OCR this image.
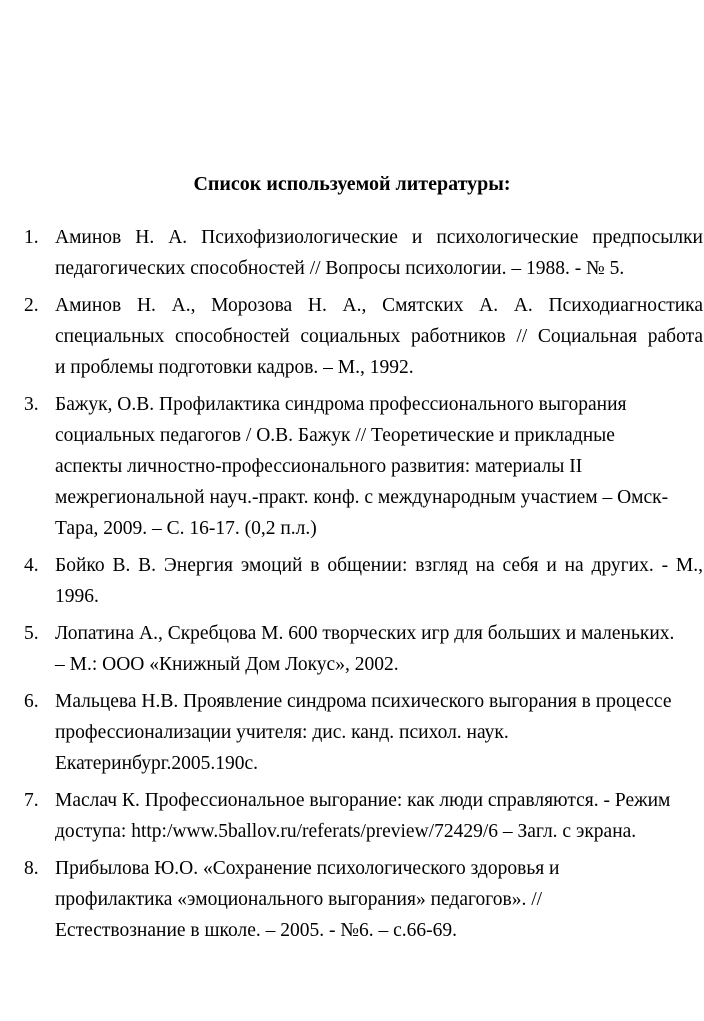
Список используемой литературы:
1. Аминов Н. А. Психофизиологические и психологические предпосылки
педагогических способностей // Вопросы психологии. – 1988. - № 5.
2. Аминов Н. А., Морозова Н. А., Смятских А. А. Психодиагностика
специальных способностей социальных работников // Социальная работа
и проблемы подготовки кадров. – М., 1992.
3. Бажук, О.В. Профилактика синдрома профессионального выгорания
социальных педагогов / О.В. Бажук // Теоретические и прикладные
аспекты личностно-профессионального развития: материалы II
межрегиональной науч.-практ. конф. с международным участием – Омск-
Тара, 2009. – С. 16-17. (0,2 п.л.)
4. Бойко В. В. Энергия эмоций в общении: взгляд на себя и на других. - М.,
1996.
5. Лопатина А., Скребцова М. 600 творческих игр для больших и маленьких.
– М.: ООО «Книжный Дом Локус», 2002.
6. Мальцева Н.В. Проявление синдрома психического выгорания в процессе
профессионализации учителя: дис. канд. психол. наук.
Екатеринбург.2005.190с.
7. Маслач К. Профессиональное выгорание: как люди справляются. - Режим
доступа: http:/www.5ballov.ru/referats/preview/72429/6 – Загл. с экрана.
8. Прибылова Ю.О. «Сохранение психологического здоровья и
профилактика «эмоционального выгорания» педагогов». //
Естествознание в школе. – 2005. - №6. – с.66-69.
